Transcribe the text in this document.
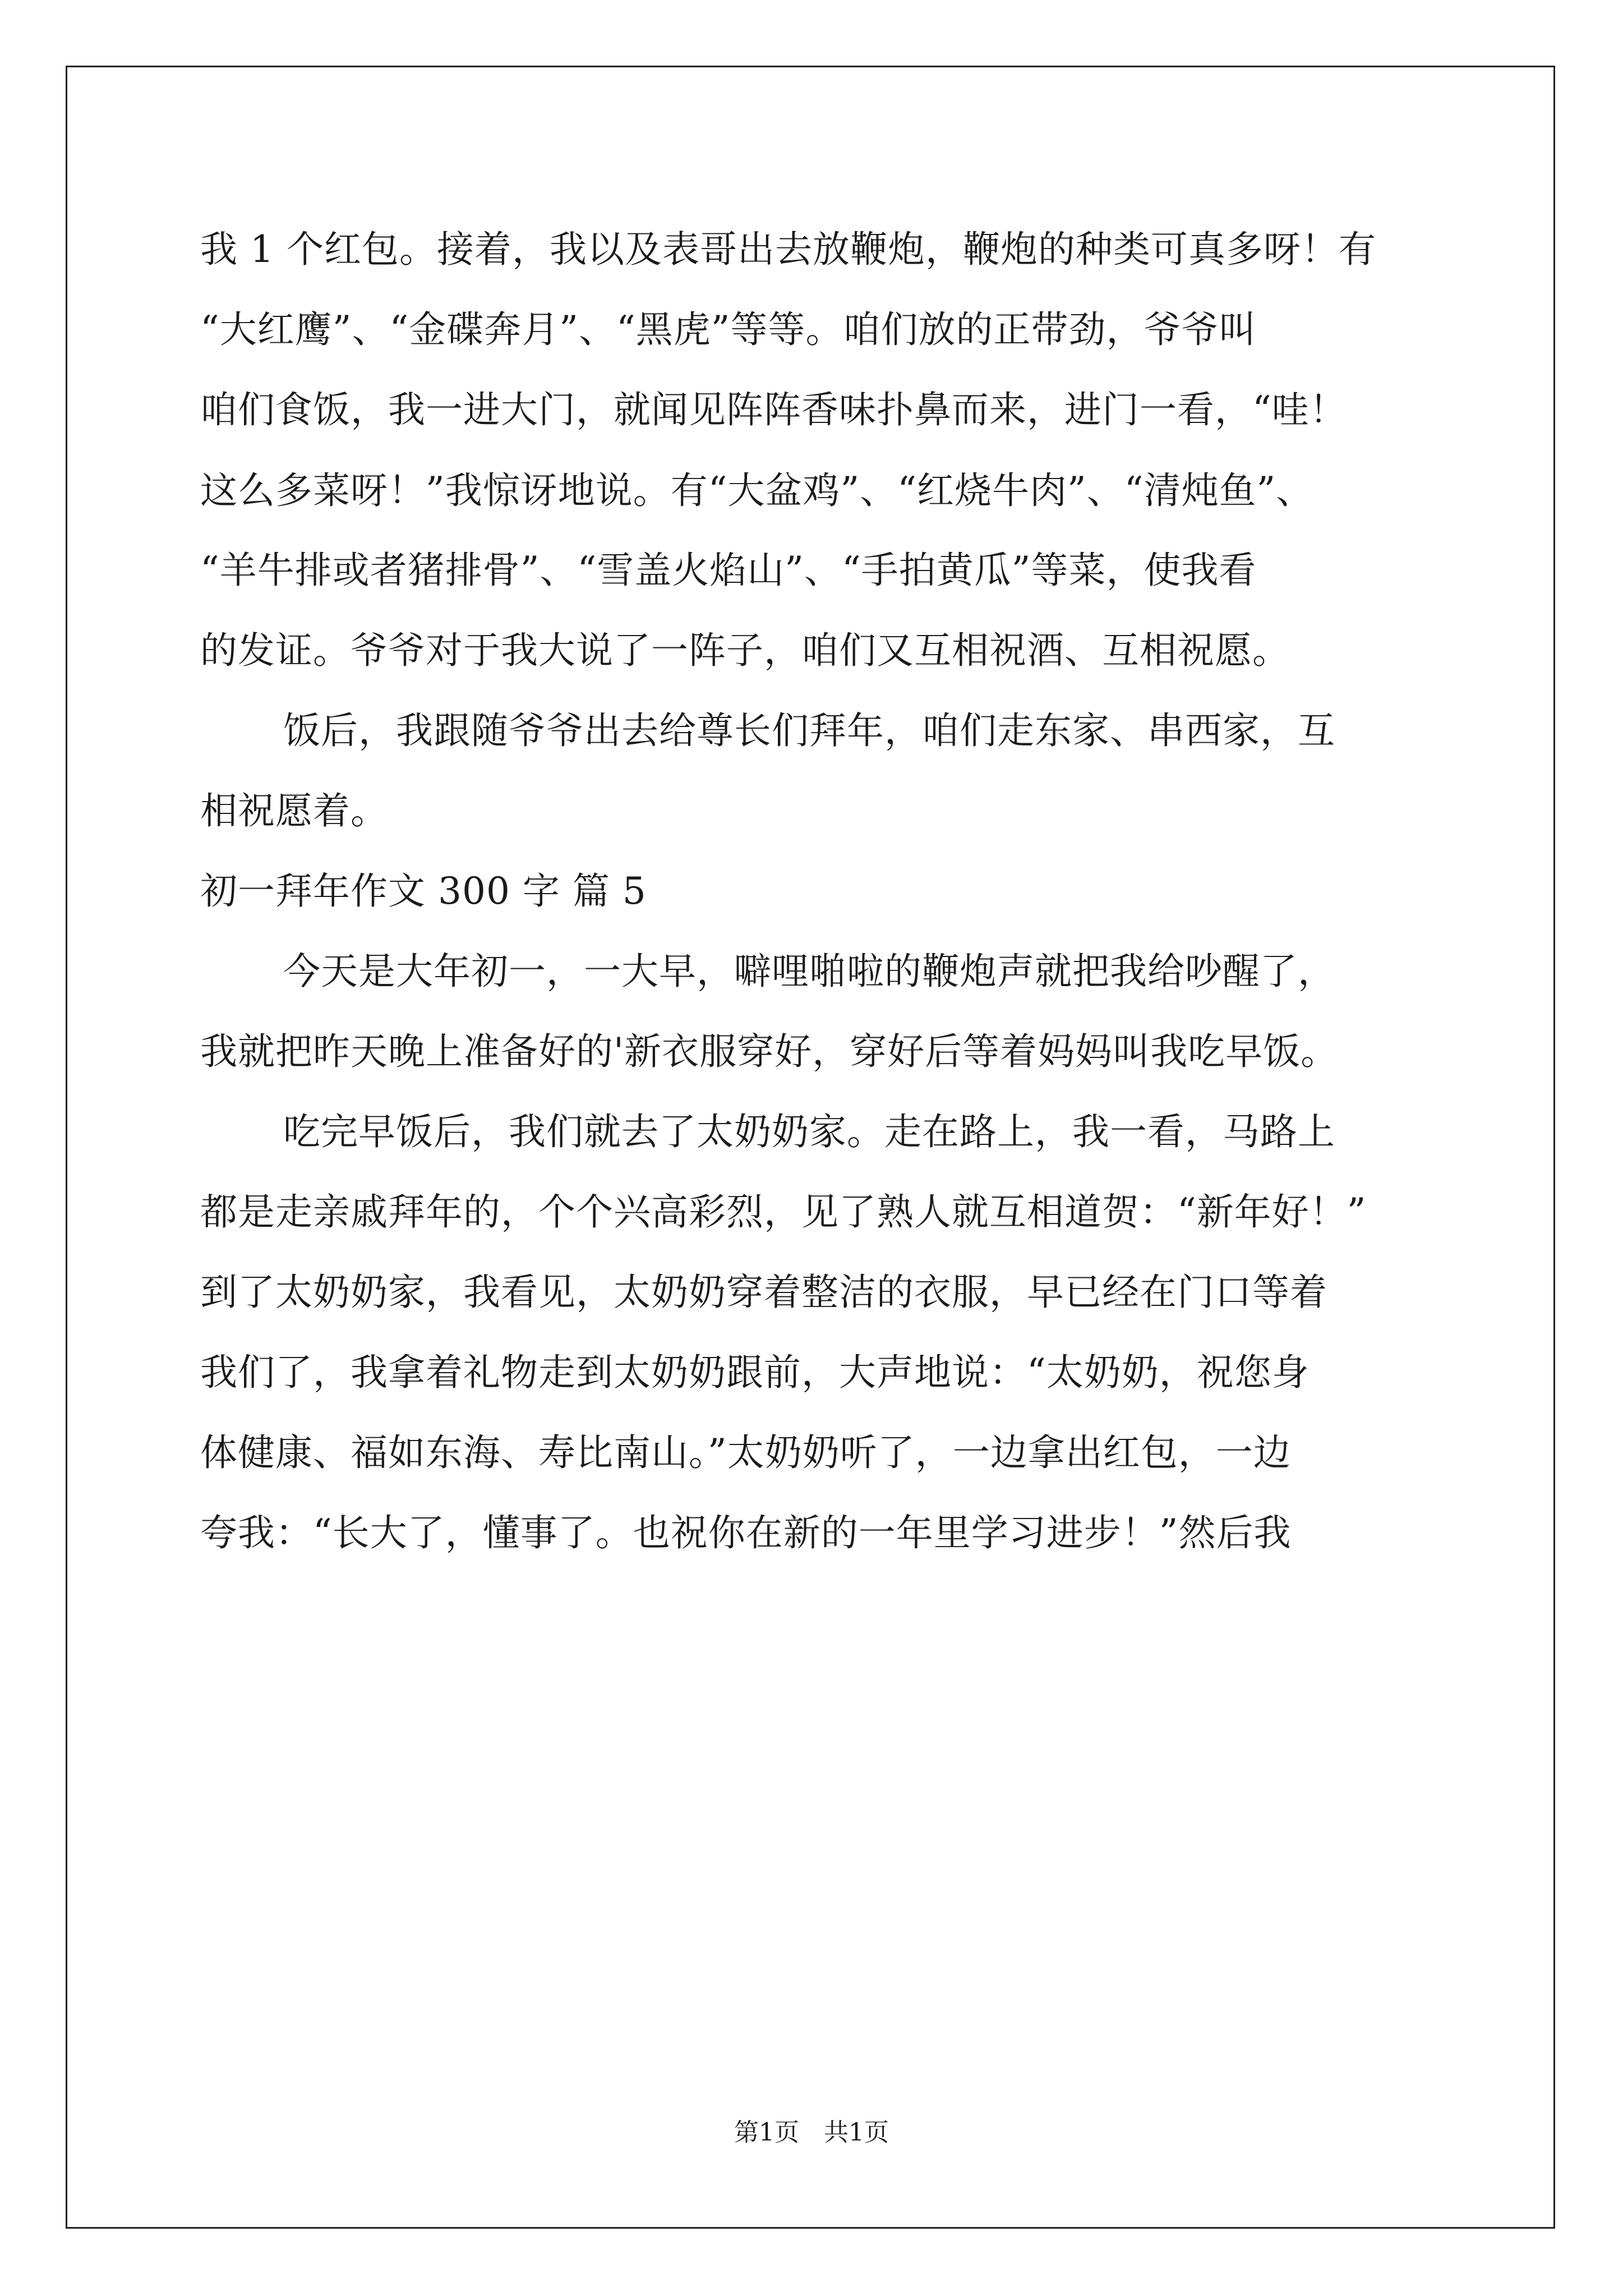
我 1 个红包。接着，我以及表哥出去放鞭炮，鞭炮的种类可真多呀！有
“大红鹰”、“金碟奔月”、“黑虎”等等。咱们放的正带劲，爷爷叫
咱们食饭，我一进大门，就闻见阵阵香味扑鼻而来，进门一看，“哇！
这么多菜呀！”我惊讶地说。有“大盆鸡”、“红烧牛肉”、“清炖鱼”、
“羊牛排或者猪排骨”、“雪盖火焰山”、“手拍黄瓜”等菜，使我看
的发证。爷爷对于我大说了一阵子，咱们又互相祝酒、互相祝愿。
饭后，我跟随爷爷出去给尊长们拜年，咱们走东家、串西家，互
相祝愿着。
初一拜年作文 300 字 篇 5
今天是大年初一，一大早，噼哩啪啦的鞭炮声就把我给吵醒了，
我就把昨天晚上准备好的'新衣服穿好，穿好后等着妈妈叫我吃早饭。
吃完早饭后，我们就去了太奶奶家。走在路上，我一看，马路上
都是走亲戚拜年的，个个兴高彩烈，见了熟人就互相道贺：“新年好！”
到了太奶奶家，我看见，太奶奶穿着整洁的衣服，早已经在门口等着
我们了，我拿着礼物走到太奶奶跟前，大声地说：“太奶奶，祝您身
体健康、福如东海、寿比南山。”太奶奶听了，一边拿出红包，一边
夸我：“长大了，懂事了。也祝你在新的一年里学习进步！”然后我
第1页　共1页
